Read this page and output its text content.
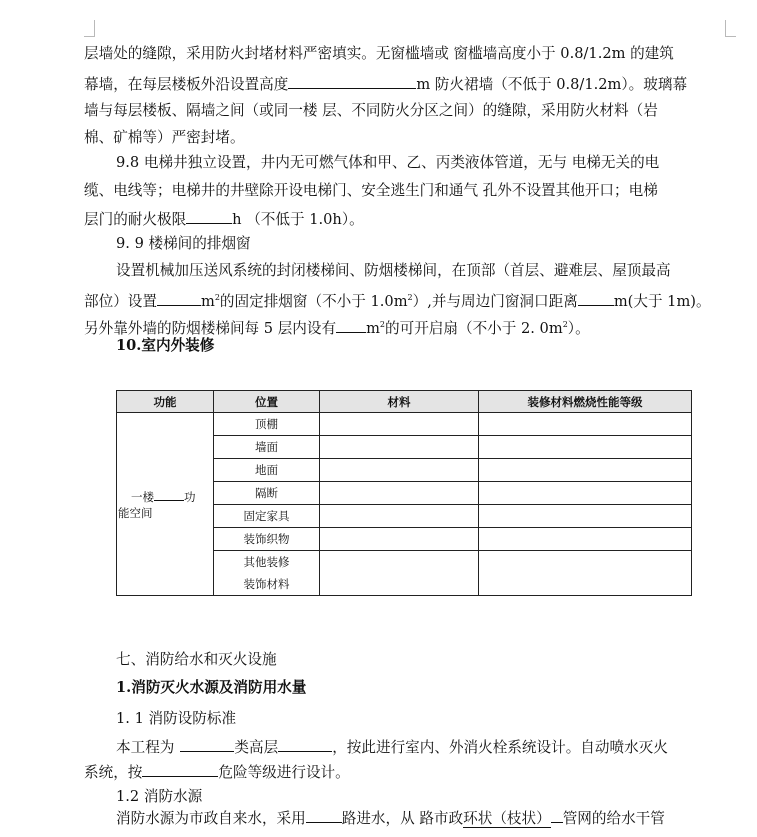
层墙处的缝隙，采用防火封堵材料严密填实。无窗槛墙或 窗槛墙高度小于 0.8/1.2m 的建筑
幕墙，在每层楼板外沿设置高度	m 防火裙墙（不低于 0.8/1.2m）。玻璃幕
墙与每层楼板、隔墙之间（或同一楼 层、不同防火分区之间）的缝隙，采用防火材料（岩
棉、矿棉等）严密封堵。
9.8 电梯井独立设置，井内无可燃气体和甲、乙、丙类液体管道，无与 电梯无关的电
缆、电线等；电梯井的井壁除开设电梯门、安全逃生门和通气 孔外不设置其他开口；电梯
层门的耐火极限	h （不低于 1.0h）。
9. 9 楼梯间的排烟窗
设置机械加压送风系统的封闭楼梯间、防烟楼梯间，在顶部（首层、避难层、屋顶最高
部位）设置	$m^2$的固定排烟窗（不小于 $1.0m^2$）,并与周边门窗洞口距离 m(大于 1m)。
另外靠外墙的防烟楼梯间每 5 层内设有 $m^2$的可开启扇（不小于 2. $0m^2$）。
10.室内外装修
功能	位置	材料	装修材料燃烧性能等级

一楼 功
能空间	顶棚		
	墙面		
	地面		
	隔断		
	固定家具		
	装饰织物		

	其他装修
装饰材料		

七、消防给水和灭火设施
1.消防灭火水源及消防用水量
1. 1 消防设防标准
本工程为	类高层	，按此进行室内、外消火栓系统设计。自动喷水灭火
系统，按	危险等级进行设计。
1.2 消防水源
消防水源为市政自来水，采用 路进水，从 路市政环状（枝状） 管网的给水干管
